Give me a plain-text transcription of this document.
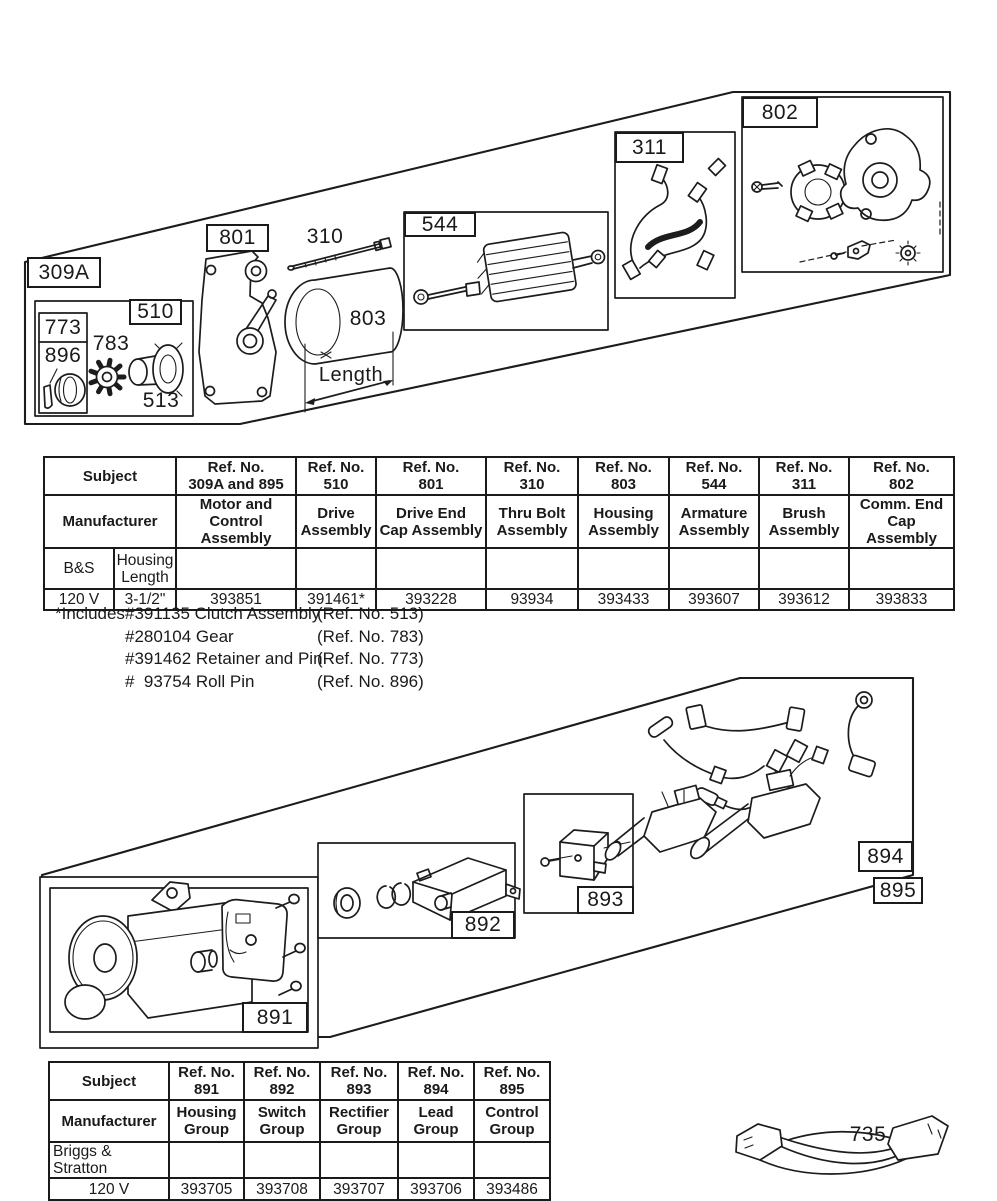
309A
773
896
783
510
513
801	310
544
803
Length
311
802
891
892
893
894
895
735
Subject	Ref. No.
309A and 895

Ref. No.
510

Ref. No.
801

Ref. No.
310

Ref. No.
803

Ref. No.
544

Ref. No.
311

Ref. No.
802

Manufacturer	
Motor and
Control Assembly

Drive
Assembly

Drive End
Cap Assembly

Thru Bolt
Assembly

Housing
Assembly

Armature
Assembly

Brush
Assembly

Comm. End
Cap Assembly

B&S	Housing
Length								

120 V	3-1/2"	393851	391461*	393228	93934	393433	393607	393612	393833
*Includes #391135 Clutch Assembly
(Ref. No. 513)
#280104 Gear	(Ref. No. 783)
#391462 Retainer and Pin
(Ref. No. 773)
#  93754 Roll Pin	(Ref. No. 896)
Subject	Ref. No.
891

Ref. No.
892

Ref. No.
893

Ref. No.
894

Ref. No.
895

Manufacturer	Housing
Group

Switch
Group

Rectifier
Group

Lead
Group

Control
Group

Briggs & Stratton					
120 V	393705	393708	393707	393706	393486
